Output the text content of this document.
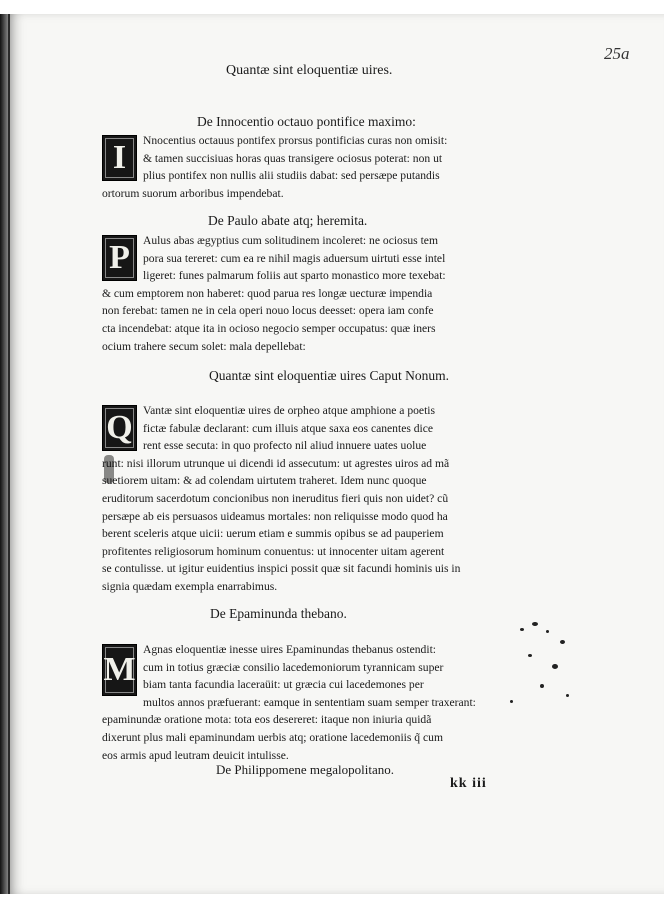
25a
Quantæ sint eloquentiæ uires.
De Innocentio octauo pontifice maximo:
I	Nnocentius octauus pontifex prorsus pontificias curas non omisit:

& tamen succisiuas horas quas transigere ociosus poterat: non ut

plius pontifex non nullis alii studiis dabat: sed persæpe putandis

ortorum suorum arboribus impendebat.

De Paulo abate atq; heremita.
P	Aulus abas ægyptius cum solitudinem incoleret: ne ociosus tem

pora sua tereret: cum ea re nihil magis aduersum uirtuti esse intel

ligeret: funes palmarum foliis aut sparto monastico more texebat:

& cum emptorem non haberet: quod parua res longæ uecturæ impendia

non ferebat: tamen ne in cela operi nouo locus deesset: opera iam confe

cta incendebat: atque ita in ocioso negocio semper occupatus: quæ iners

ocium trahere secum solet: mala depellebat:

Quantæ sint eloquentiæ uires Caput Nonum.
Q Vantæ sint eloquentiæ uires de orpheo atque amphione a poetis

fictæ fabulæ declarant: cum illuis atque saxa eos canentes dice

rent esse secuta: in quo profecto nil aliud innuere uates uolue

runt: nisi illorum utrunque ui dicendi id assecutum: ut agrestes uiros ad mã

suetiorem uitam: & ad colendam uirtutem traheret. Idem nunc quoque

eruditorum sacerdotum concionibus non ineruditus fieri quis non uidet? cũ

persæpe ab eis persuasos uideamus mortales: non reliquisse modo quod ha

berent sceleris atque uicii: uerum etiam e summis opibus se ad pauperiem

profitentes religiosorum hominum conuentus: ut innocenter uitam agerent

se contulisse. ut igitur euidentius inspici possit quæ sit facundi hominis uis in

signia quædam exempla enarrabimus.

De Epaminunda thebano.
M

Agnas eloquentiæ inesse uires Epaminundas thebanus ostendit:

cum in totius græciæ consilio lacedemoniorum tyrannicam super

biam tanta facundia laceraüit: ut græcia cui lacedemones per

multos annos præfuerant: eamque in sententiam suam semper traxerant:

epaminundæ oratione mota: tota eos desereret: itaque non iniuria quidã

dixerunt plus mali epaminundam uerbis atq; oratione lacedemoniis q̃ cum

eos armis apud leutram deuicit intulisse.

De Philippomene megalopolitano.
kk iii
